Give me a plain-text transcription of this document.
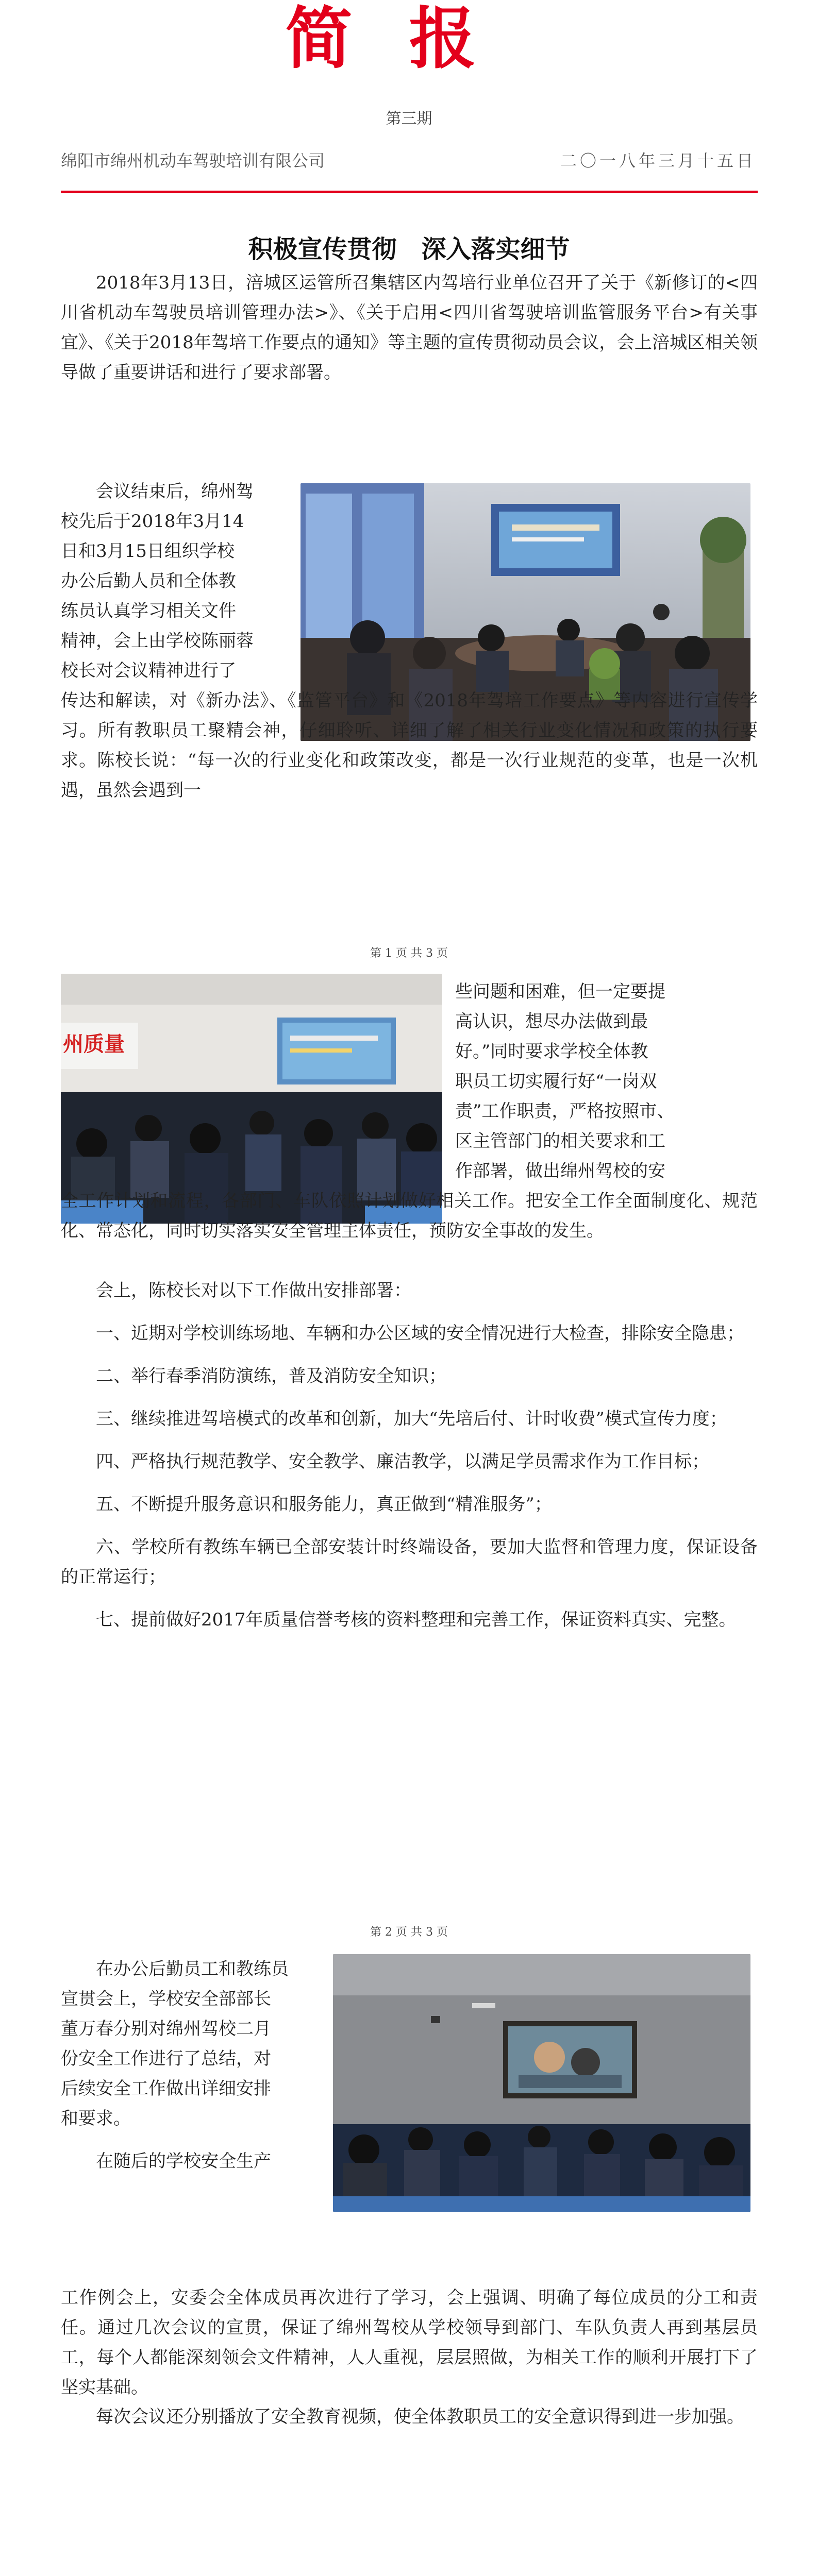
简报
第三期
绵阳市绵州机动车驾驶培训有限公司	二〇一八年三月十五日
积极宣传贯彻　深入落实细节

2018年3月13日，涪城区运管所召集辖区内驾培行业单位召开了关于《新修订的<四川省机动车驾驶员培训管理办法>》、《关于启用<四川省驾驶培训监管服务平台>有关事宜》、《关于2018年驾培工作要点的通知》等主题的宣传贯彻动员会议，会上涪城区相关领导做了重要讲话和进行了要求部署。

会议结束后，绵州驾
校先后于2018年3月14
日和3月15日组织学校
办公后勤人员和全体教
练员认真学习相关文件
精神，会上由学校陈丽蓉
校长对会议精神进行了

传达和解读，对《新办法》、《监管平台》和《2018年驾培工作要点》等内容进行宣传学习。所有教职员工聚精会神，仔细聆听、详细了解了相关行业变化情况和政策的执行要求。陈校长说：“每一次的行业变化和政策改变，都是一次行业规范的变革，也是一次机遇，虽然会遇到一

第 1 页 共 3 页
州质量
些问题和困难，但一定要提
高认识，想尽办法做到最
好。”同时要求学校全体教
职员工切实履行好“一岗双
责”工作职责，严格按照市、
区主管部门的相关要求和工
作部署，做出绵州驾校的安

全工作计划和流程，各部门、车队依照计划做好相关工作。把安全工作全面制度化、规范化、常态化，同时切实落实安全管理主体责任，预防安全事故的发生。

会上，陈校长对以下工作做出安排部署：

一、近期对学校训练场地、车辆和办公区域的安全情况进行大检查，排除安全隐患；

二、举行春季消防演练，普及消防安全知识；

三、继续推进驾培模式的改革和创新，加大“先培后付、计时收费”模式宣传力度；

四、严格执行规范教学、安全教学、廉洁教学，以满足学员需求作为工作目标；

五、不断提升服务意识和服务能力，真正做到“精准服务”；

六、学校所有教练车辆已全部安装计时终端设备，要加大监督和管理力度，保证设备的正常运行；

七、提前做好2017年质量信誉考核的资料整理和完善工作，保证资料真实、完整。

第 2 页 共 3 页
在办公后勤员工和教练员
宣贯会上，学校安全部部长
董万春分别对绵州驾校二月
份安全工作进行了总结，对
后续安全工作做出详细安排
和要求。
在随后的学校安全生产

工作例会上，安委会全体成员再次进行了学习，会上强调、明确了每位成员的分工和责任。通过几次会议的宣贯，保证了绵州驾校从学校领导到部门、车队负责人再到基层员工，每个人都能深刻领会文件精神，人人重视，层层照做，为相关工作的顺利开展打下了坚实基础。

每次会议还分别播放了安全教育视频，使全体教职员工的安全意识得到进一步加强。
